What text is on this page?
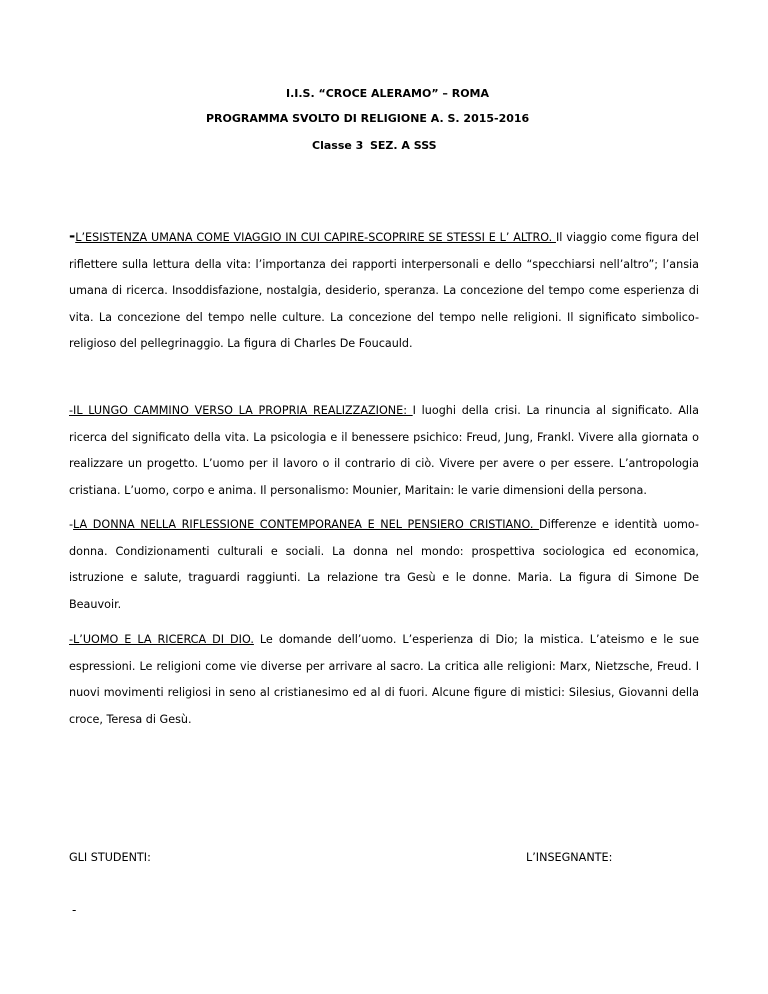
I.I.S. “CROCE ALERAMO” – ROMA
PROGRAMMA SVOLTO DI RELIGIONE A. S. 2015-2016
Classe 3 SEZ. A SSS
-L’ESISTENZA UMANA COME VIAGGIO IN CUI CAPIRE-SCOPRIRE SE STESSI E L’ ALTRO. Il viaggio come figura del riflettere sulla lettura della vita: l’importanza dei rapporti interpersonali e dello “specchiarsi nell’altro”; l’ansia umana di ricerca. Insoddisfazione, nostalgia, desiderio, speranza. La concezione del tempo come esperienza di vita. La concezione del tempo nelle culture. La concezione del tempo nelle religioni. Il significato simbolico-religioso del pellegrinaggio. La figura di Charles De Foucauld.
-IL LUNGO CAMMINO VERSO LA PROPRIA REALIZZAZIONE: I luoghi della crisi. La rinuncia al significato. Alla ricerca del significato della vita. La psicologia e il benessere psichico: Freud, Jung, Frankl. Vivere alla giornata o realizzare un progetto. L’uomo per il lavoro o il contrario di ciò. Vivere per avere o per essere. L’antropologia cristiana. L’uomo, corpo e anima. Il personalismo: Mounier, Maritain: le varie dimensioni della persona.
-LA DONNA NELLA RIFLESSIONE CONTEMPORANEA E NEL PENSIERO CRISTIANO. Differenze e identità uomo-donna. Condizionamenti culturali e sociali. La donna nel mondo: prospettiva sociologica ed economica, istruzione e salute, traguardi raggiunti. La relazione tra Gesù e le donne. Maria. La figura di Simone De Beauvoir.
-L’UOMO E LA RICERCA DI DIO. Le domande dell’uomo. L’esperienza di Dio; la mistica. L’ateismo e le sue espressioni. Le religioni come vie diverse per arrivare al sacro. La critica alle religioni: Marx, Nietzsche, Freud. I nuovi movimenti religiosi in seno al cristianesimo ed al di fuori. Alcune figure di mistici: Silesius, Giovanni della croce, Teresa di Gesù.
GLI STUDENTI:	L’INSEGNANTE:
-
